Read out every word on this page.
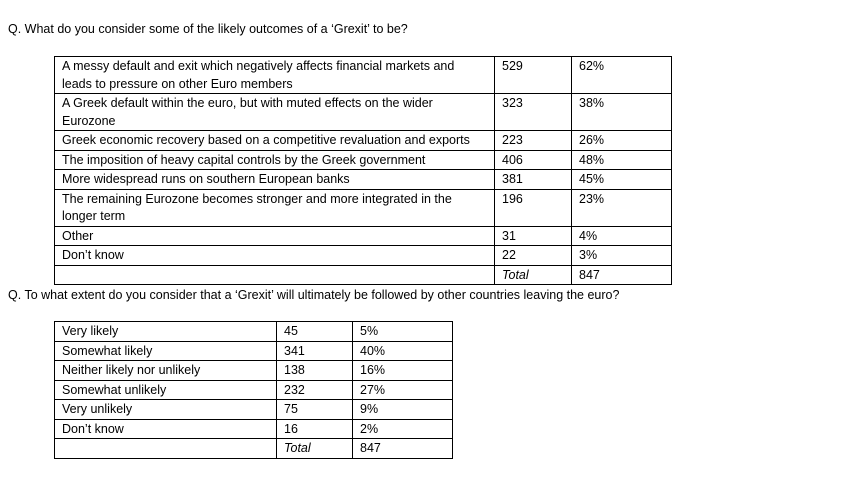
Q. What do you consider some of the likely outcomes of a ‘Grexit’ to be?

A messy default and exit which negatively affects financial markets and leads to pressure on other Euro members	529	62%
A Greek default within the euro, but with muted effects on the wider Eurozone	323	38%
Greek economic recovery based on a competitive revaluation and exports	223	26%
The imposition of heavy capital controls by the Greek government	406	48%
More widespread runs on southern European banks	381	45%
The remaining Eurozone becomes stronger and more integrated in the longer term	196	23%
Other	31	4%
Don’t know	22	3%
	Total	847

Q. To what extent do you consider that a ‘Grexit’ will ultimately be followed by other countries leaving the euro?

Very likely	45	5%
Somewhat likely	341	40%
Neither likely nor unlikely	138	16%
Somewhat unlikely	232	27%
Very unlikely	75	9%
Don’t know	16	2%
	Total	847
